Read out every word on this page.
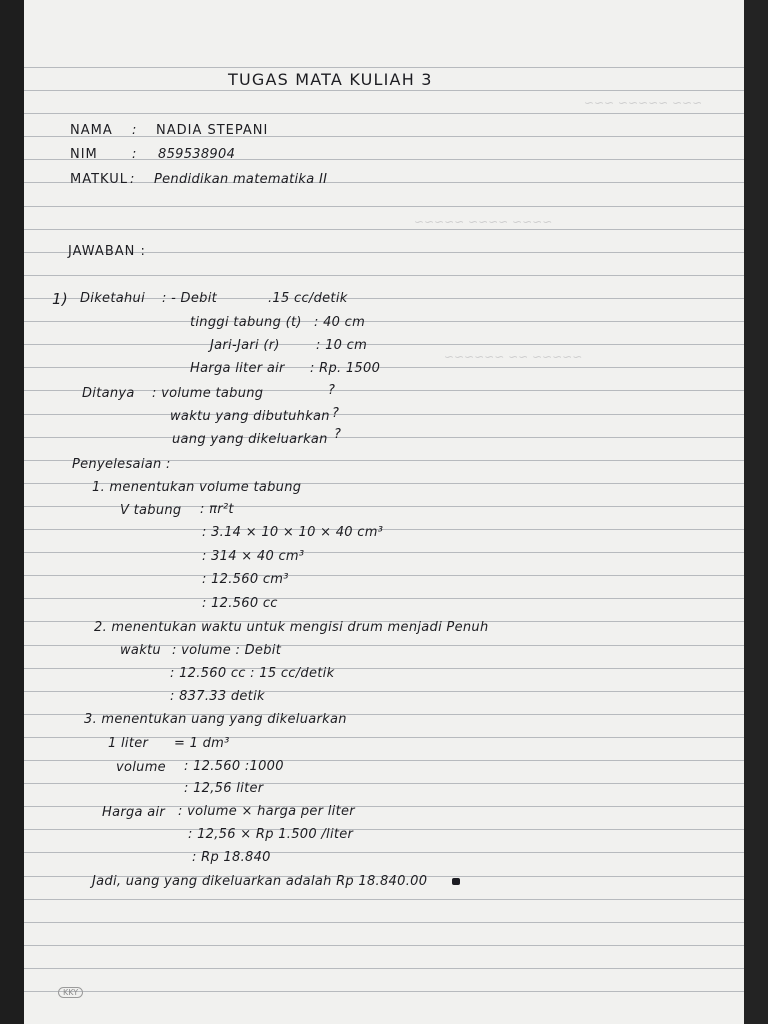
~~~ ~~~~~ ~~~
~~~~ ~~~~ ~~~~~
~~~~~ ~~ ~~~~~~
TUGAS MATA KULIAH 3
NAMA : NADIA STEPANI
NIM	: 859538904
MATKUL : Pendidikan matematika II
JAWABAN :
1) Diketahui : - Debit	.15 cc/detik
tinggi tabung (t) : 40 cm
Jari-Jari (r)	: 10 cm
Harga liter air : Rp. 1500
Ditanya : volume tabung	?
waktu yang dibutuhkan ?
uang yang dikeluarkan ?
Penyelesaian :
1. menentukan volume tabung
V tabung : πr²t
: 3.14 × 10 × 10 × 40 cm³
: 314 × 40 cm³
: 12.560 cm³
: 12.560 cc
2. menentukan waktu untuk mengisi drum menjadi Penuh
waktu : volume : Debit
: 12.560 cc : 15 cc/detik
: 837.33 detik
3. menentukan uang yang dikeluarkan
1 liter = 1 dm³
volume : 12.560 :1000
: 12,56 liter
Harga air : volume × harga per liter
: 12,56 × Rp 1.500 /liter
: Rp 18.840
Jadi, uang yang dikeluarkan adalah Rp 18.840.00
KKY
